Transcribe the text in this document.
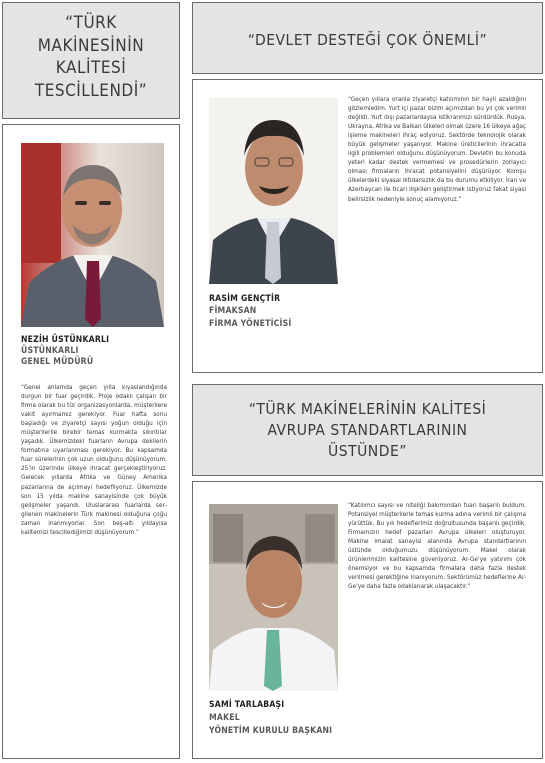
“TÜRK
MAKİNESİNİN
KALİTESİ
TESCİLLENDİ”
NEZİH ÜSTÜNKARLI
ÜSTÜNKARLI
GENEL MÜDÜRÜ
“Genel anlamda geçen yılla kıyaslandığında durgun bir fuar geçirdik. Proje odaklı çalışan bir firma olarak bu tür organizasyonlarda, müşterilere vakit ayırmamız gerekiyor. Fuar hafta sonu başladığı ve ziyaretçi sayısı yoğun olduğu için müşterilerile birebir temas kurmakta sıkıntılar yaşadık. Ülkemizdeki fuarların Avrupa dekilerin formatına uyarlanması gerekiyor. Bu kapsamda fuar sürelerinin çok uzun olduğunu düşünüyorum. 25’in üzerinde ülkeye ihracat gerçekleştiriyoruz. Gelecek yıllarda Afrika ve Güney Amerika pazarlarına de açılmayı hedefliyoruz. Ülkemizde son 15 yılda makine sanayisinde çok büyük gelişmeler yaşandı. Uluslararası fuarlarda sergilenen makinelerin Türk makinesi olduğuna çoğu zaman inanmıyorlar. Son beş-altı yıldayısa kalitemizi tescillediğimizi düşünüyorum.”
“DEVLET DESTEĞİ ÇOK ÖNEMLİ”
“Geçen yıllara oranla ziyaretçi katılımının bir hayli azaldığını gözlemledim. Yurt içi pazar bizim açımızdan bu yıl çok verimli değildi. Yurt dışı pazarlardaysa istikrarımızı sürdürdük. Rusya, Ukrayna, Afrika ve Balkan ülkeleri olmak üzere 16 ülkeye ağaç işleme makineleri ihraç ediyoruz. Sektörde teknolojik olarak büyük gelişmeler yaşanıyor. Makine üreticilerinin ihracatla ilgili problemleri olduğunu düşünüyorum. Devletin bu konuda yeteri kadar destek vermemesi ve prosedürlerin zorlayıcı olması firmaların ihracat potansiyelini düşürüyor. Komşu ülkelerdeki siyasal iktidarsızlık da bu durumu etkiliyor. İran ve Azerbaycan ile ticari ilişkileri geliştirmek istiyoruz fakat siyasi belirsizlik nedeniyle sonuç alamıyoruz.”
RASİM GENÇTİR
FİMAKSAN
FİRMA YÖNETİCİSİ
“TÜRK MAKİNELERİNİN KALİTESİ
AVRUPA STANDARTLARININ
ÜSTÜNDE”
“Katılımcı sayısı ve niteliği bakımından fuarı başarılı buldum. Potansiyel müşterilerle temas kurma adına verimli bir çalışma yürüttük. Bu yılı hedeflerimiz doğrultusunda başarılı geçirdik. Firmamızın hedef pazarları Avrupa ülkeleri oluşturuyor. Makine imalat sanayisi alanında Avrupa standartlarının üstünde olduğumuzu düşünüyorum. Makel olarak ürünlerimizin kalitesine güveniyoruz. Ar-Ge’ye yatırımı çok önemsiyor ve bu kapsamda firmalara daha fazla destek verilmesi gerektiğine inanıyorum. Sektörümüz hedeflerine Ar-Ge’ye daha fazla odaklanarak ulaşacaktır.”
SAMİ TARLABAŞI
MAKEL
YÖNETİM KURULU BAŞKANI
